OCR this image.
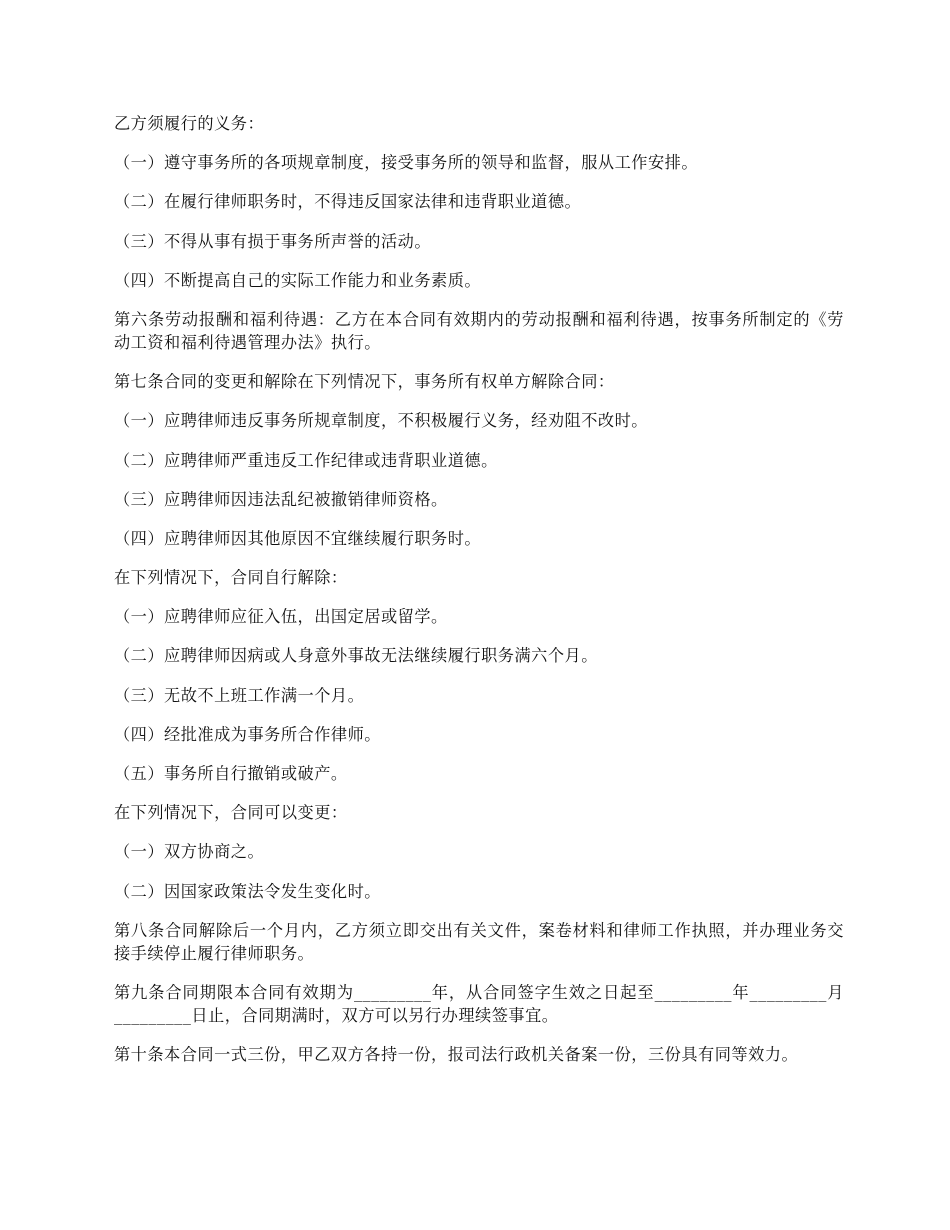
乙方须履行的义务：

（一）遵守事务所的各项规章制度，接受事务所的领导和监督，服从工作安排。

（二）在履行律师职务时，不得违反国家法律和违背职业道德。

（三）不得从事有损于事务所声誉的活动。

（四）不断提高自己的实际工作能力和业务素质。

第六条劳动报酬和福利待遇：乙方在本合同有效期内的劳动报酬和福利待遇，按事务所制定的《劳动工资和福利待遇管理办法》执行。

第七条合同的变更和解除在下列情况下，事务所有权单方解除合同：

（一）应聘律师违反事务所规章制度，不积极履行义务，经劝阻不改时。

（二）应聘律师严重违反工作纪律或违背职业道德。

（三）应聘律师因违法乱纪被撤销律师资格。

（四）应聘律师因其他原因不宜继续履行职务时。

在下列情况下，合同自行解除：

（一）应聘律师应征入伍，出国定居或留学。

（二）应聘律师因病或人身意外事故无法继续履行职务满六个月。

（三）无故不上班工作满一个月。

（四）经批准成为事务所合作律师。

（五）事务所自行撤销或破产。

在下列情况下，合同可以变更：

（一）双方协商之。

（二）因国家政策法令发生变化时。

第八条合同解除后一个月内，乙方须立即交出有关文件，案卷材料和律师工作执照，并办理业务交接手续停止履行律师职务。

第九条合同期限本合同有效期为_________年，从合同签字生效之日起至_________年_________月_________日止，合同期满时，双方可以另行办理续签事宜。

第十条本合同一式三份，甲乙双方各持一份，报司法行政机关备案一份，三份具有同等效力。
